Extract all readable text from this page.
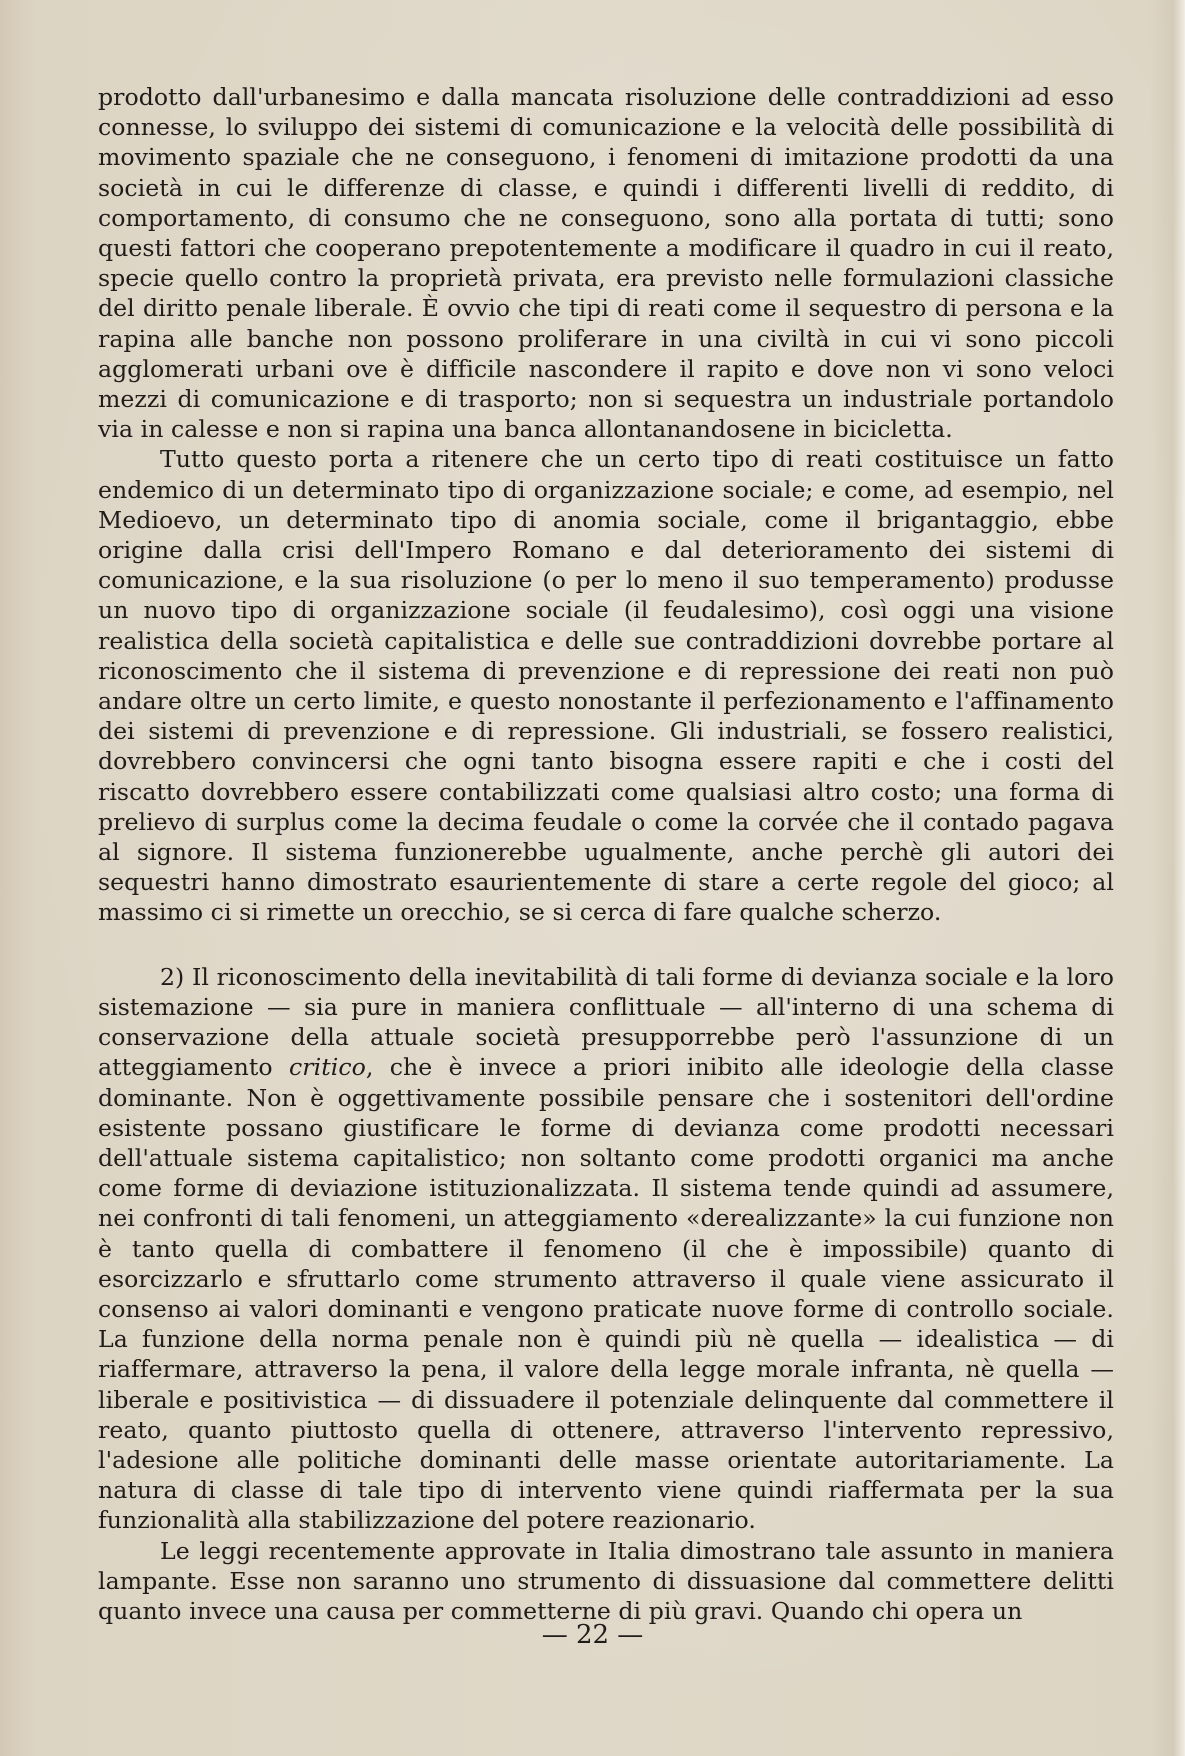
prodotto dall'urbanesimo e dalla mancata risoluzione delle contraddizioni ad esso connesse, lo sviluppo dei sistemi di comunicazione e la velocità delle possibilità di movimento spaziale che ne conseguono, i fenomeni di imitazione prodotti da una società in cui le differenze di classe, e quindi i differenti livelli di reddito, di comportamento, di consumo che ne conseguono, sono alla portata di tutti; sono questi fattori che cooperano prepotentemente a modificare il quadro in cui il reato, specie quello contro la proprietà privata, era previsto nelle formulazioni classiche del diritto penale liberale. È ovvio che tipi di reati come il sequestro di persona e la rapina alle banche non possono proliferare in una civiltà in cui vi sono piccoli agglomerati urbani ove è difficile nascondere il rapito e dove non vi sono veloci mezzi di comunicazione e di trasporto; non si sequestra un industriale portandolo via in calesse e non si rapina una banca allontanandosene in bicicletta.

Tutto questo porta a ritenere che un certo tipo di reati costituisce un fatto endemico di un determinato tipo di organizzazione sociale; e come, ad esempio, nel Medioevo, un determinato tipo di anomia sociale, come il brigantaggio, ebbe origine dalla crisi dell'Impero Romano e dal deterioramento dei sistemi di comunicazione, e la sua risoluzione (o per lo meno il suo temperamento) produsse un nuovo tipo di organizzazione sociale (il feudalesimo), così oggi una visione realistica della società capitalistica e delle sue contraddizioni dovrebbe portare al riconoscimento che il sistema di prevenzione e di repressione dei reati non può andare oltre un certo limite, e questo nonostante il perfezionamento e l'affinamento dei sistemi di prevenzione e di repressione. Gli industriali, se fossero realistici, dovrebbero convincersi che ogni tanto bisogna essere rapiti e che i costi del riscatto dovrebbero essere contabilizzati come qualsiasi altro costo; una forma di prelievo di surplus come la decima feudale o come la corvée che il contado pagava al signore. Il sistema funzionerebbe ugualmente, anche perchè gli autori dei sequestri hanno dimostrato esaurientemente di stare a certe regole del gioco; al massimo ci si rimette un orecchio, se si cerca di fare qualche scherzo.

2) Il riconoscimento della inevitabilità di tali forme di devianza sociale e la loro sistemazione — sia pure in maniera conflittuale — all'interno di una schema di conservazione della attuale società presupporrebbe però l'assunzione di un atteggiamento critico, che è invece a priori inibito alle ideologie della classe dominante. Non è oggettivamente possibile pensare che i sostenitori dell'ordine esistente possano giustificare le forme di devianza come prodotti necessari dell'attuale sistema capitalistico; non soltanto come prodotti organici ma anche come forme di deviazione istituzionalizzata. Il sistema tende quindi ad assumere, nei confronti di tali fenomeni, un atteggiamento «derealizzante» la cui funzione non è tanto quella di combattere il fenomeno (il che è impossibile) quanto di esorcizzarlo e sfruttarlo come strumento attraverso il quale viene assicurato il consenso ai valori dominanti e vengono praticate nuove forme di controllo sociale. La funzione della norma penale non è quindi più nè quella — idealistica — di riaffermare, attraverso la pena, il valore della legge morale infranta, nè quella — liberale e positivistica — di dissuadere il potenziale delinquente dal commettere il reato, quanto piuttosto quella di ottenere, attraverso l'intervento repressivo, l'adesione alle politiche dominanti delle masse orientate autoritariamente. La natura di classe di tale tipo di intervento viene quindi riaffermata per la sua funzionalità alla stabilizzazione del potere reazionario.

Le leggi recentemente approvate in Italia dimostrano tale assunto in maniera lampante. Esse non saranno uno strumento di dissuasione dal commettere delitti quanto invece una causa per commetterne di più gravi. Quando chi opera un

— 22 —
